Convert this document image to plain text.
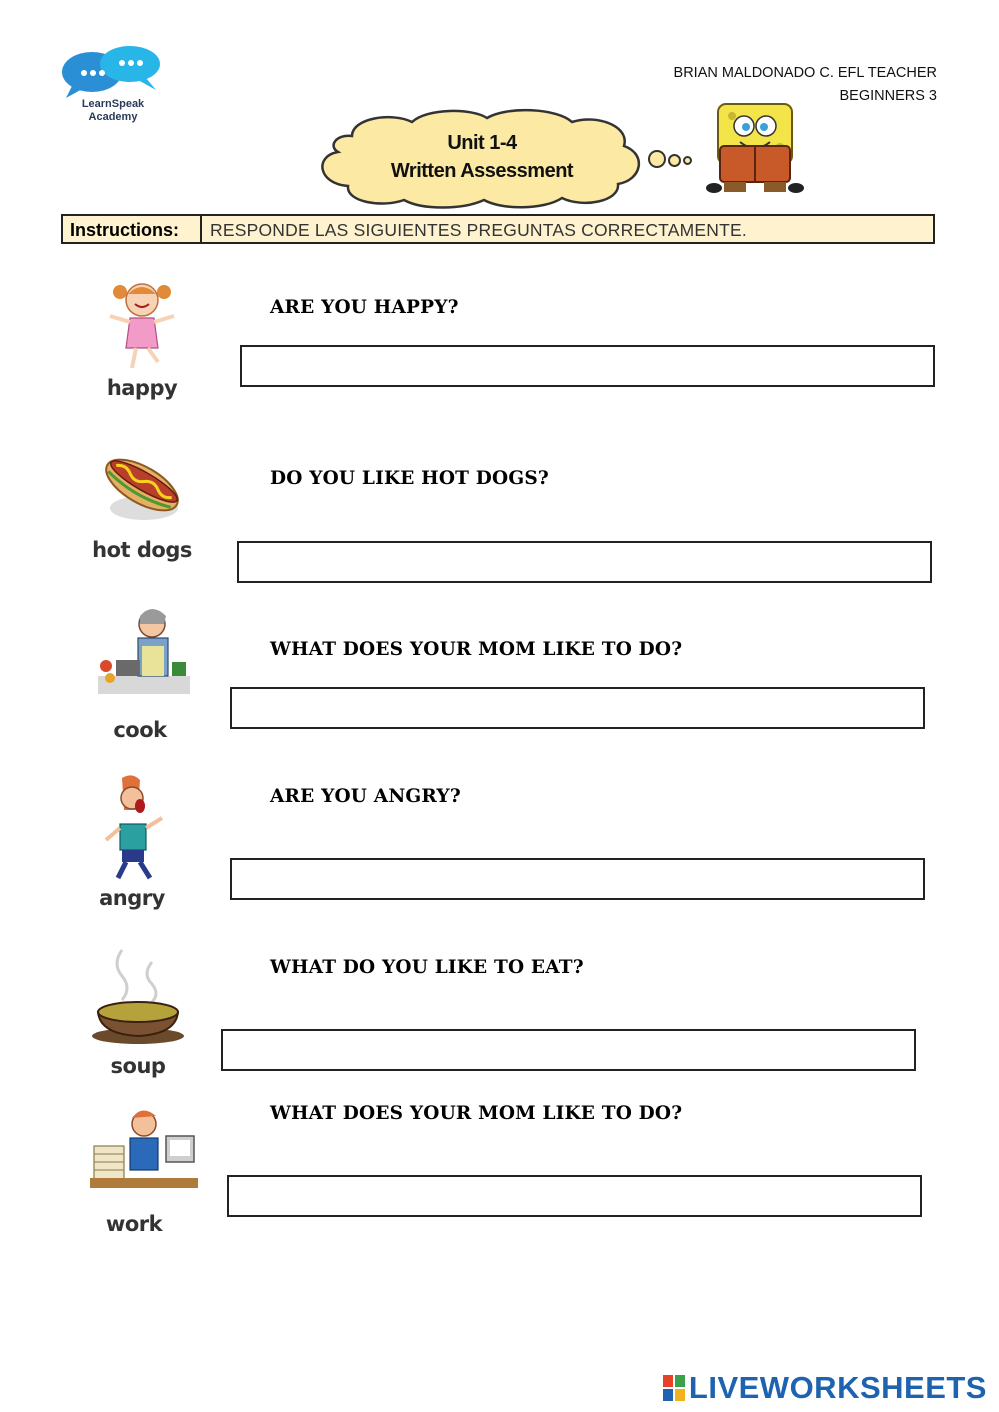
LearnSpeak
Academy
BRIAN MALDONADO C. EFL TEACHER
BEGINNERS 3
Unit 1-4
Written Assessment
Instructions:	RESPONDE LAS SIGUIENTES PREGUNTAS CORRECTAMENTE.
happy
ARE YOU HAPPY?
hot dogs
DO YOU LIKE HOT DOGS?
cook
WHAT DOES YOUR MOM LIKE TO DO?
angry
ARE YOU ANGRY?
soup
WHAT DO YOU LIKE TO EAT?
work
WHAT DOES YOUR MOM LIKE TO DO?
LIVEWORKSHEETS
